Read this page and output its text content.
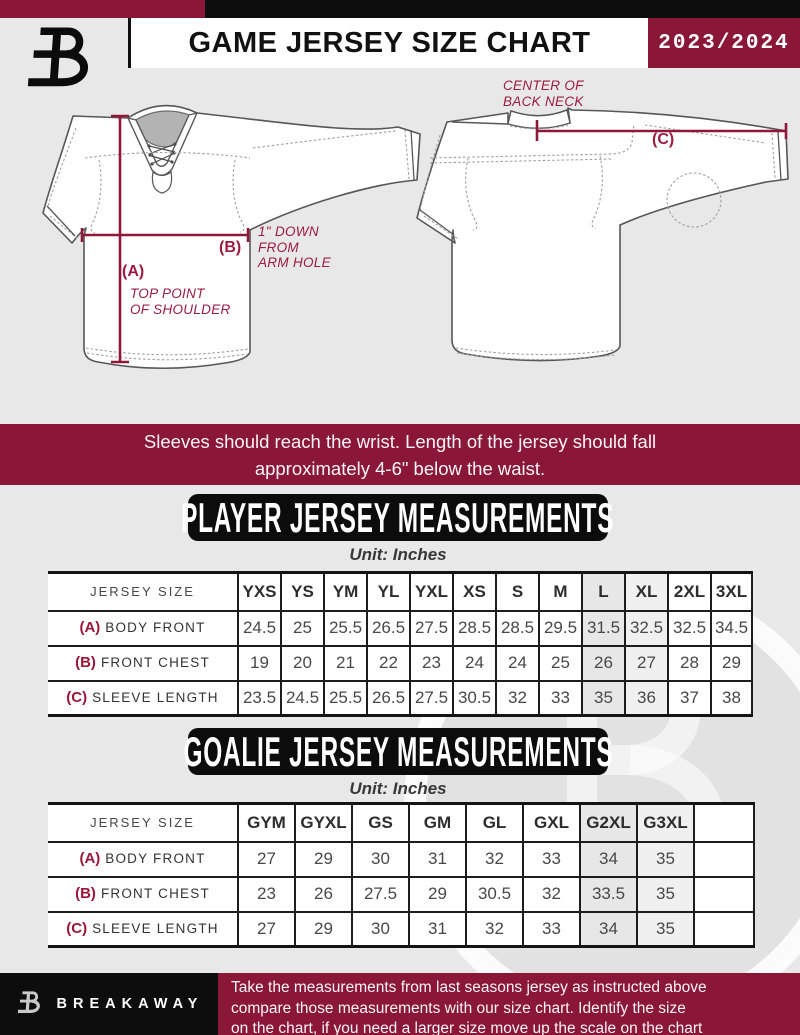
GAME JERSEY SIZE CHART	2023/2024
CENTER OF
BACK NECK
(C)
(B)
1" DOWN
FROM
ARM HOLE
(A)
TOP POINT
OF SHOULDER
Sleeves should reach the wrist. Length of the jersey should fall
approximately 4-6" below the waist.
PLAYER JERSEY MEASUREMENTS
Unit: Inches
JERSEY SIZE	YXS	YS	YM	YL	YXL	XS	S	M	L	XL	2XL	3XL
(A) BODY FRONT	24.5	25	25.5	26.5	27.5	28.5	28.5	29.5	31.5	32.5	32.5	34.5
(B) FRONT CHEST	19	20	21	22	23	24	24	25	26	27	28	29
(C) SLEEVE LENGTH	23.5	24.5	25.5	26.5	27.5	30.5	32	33	35	36	37	38
GOALIE JERSEY MEASUREMENTS
Unit: Inches
JERSEY SIZE	GYM	GYXL	GS	GM	GL	GXL	G2XL	G3XL	
(A) BODY FRONT	27	29	30	31	32	33	34	35	
(B) FRONT CHEST	23	26	27.5	29	30.5	32	33.5	35	
(C) SLEEVE LENGTH	27	29	30	31	32	33	34	35	
BREAKAWAY
Take the measurements from last seasons jersey as instructed above
compare those measurements with our size chart. Identify the size
on the chart, if you need a larger size move up the scale on the chart
